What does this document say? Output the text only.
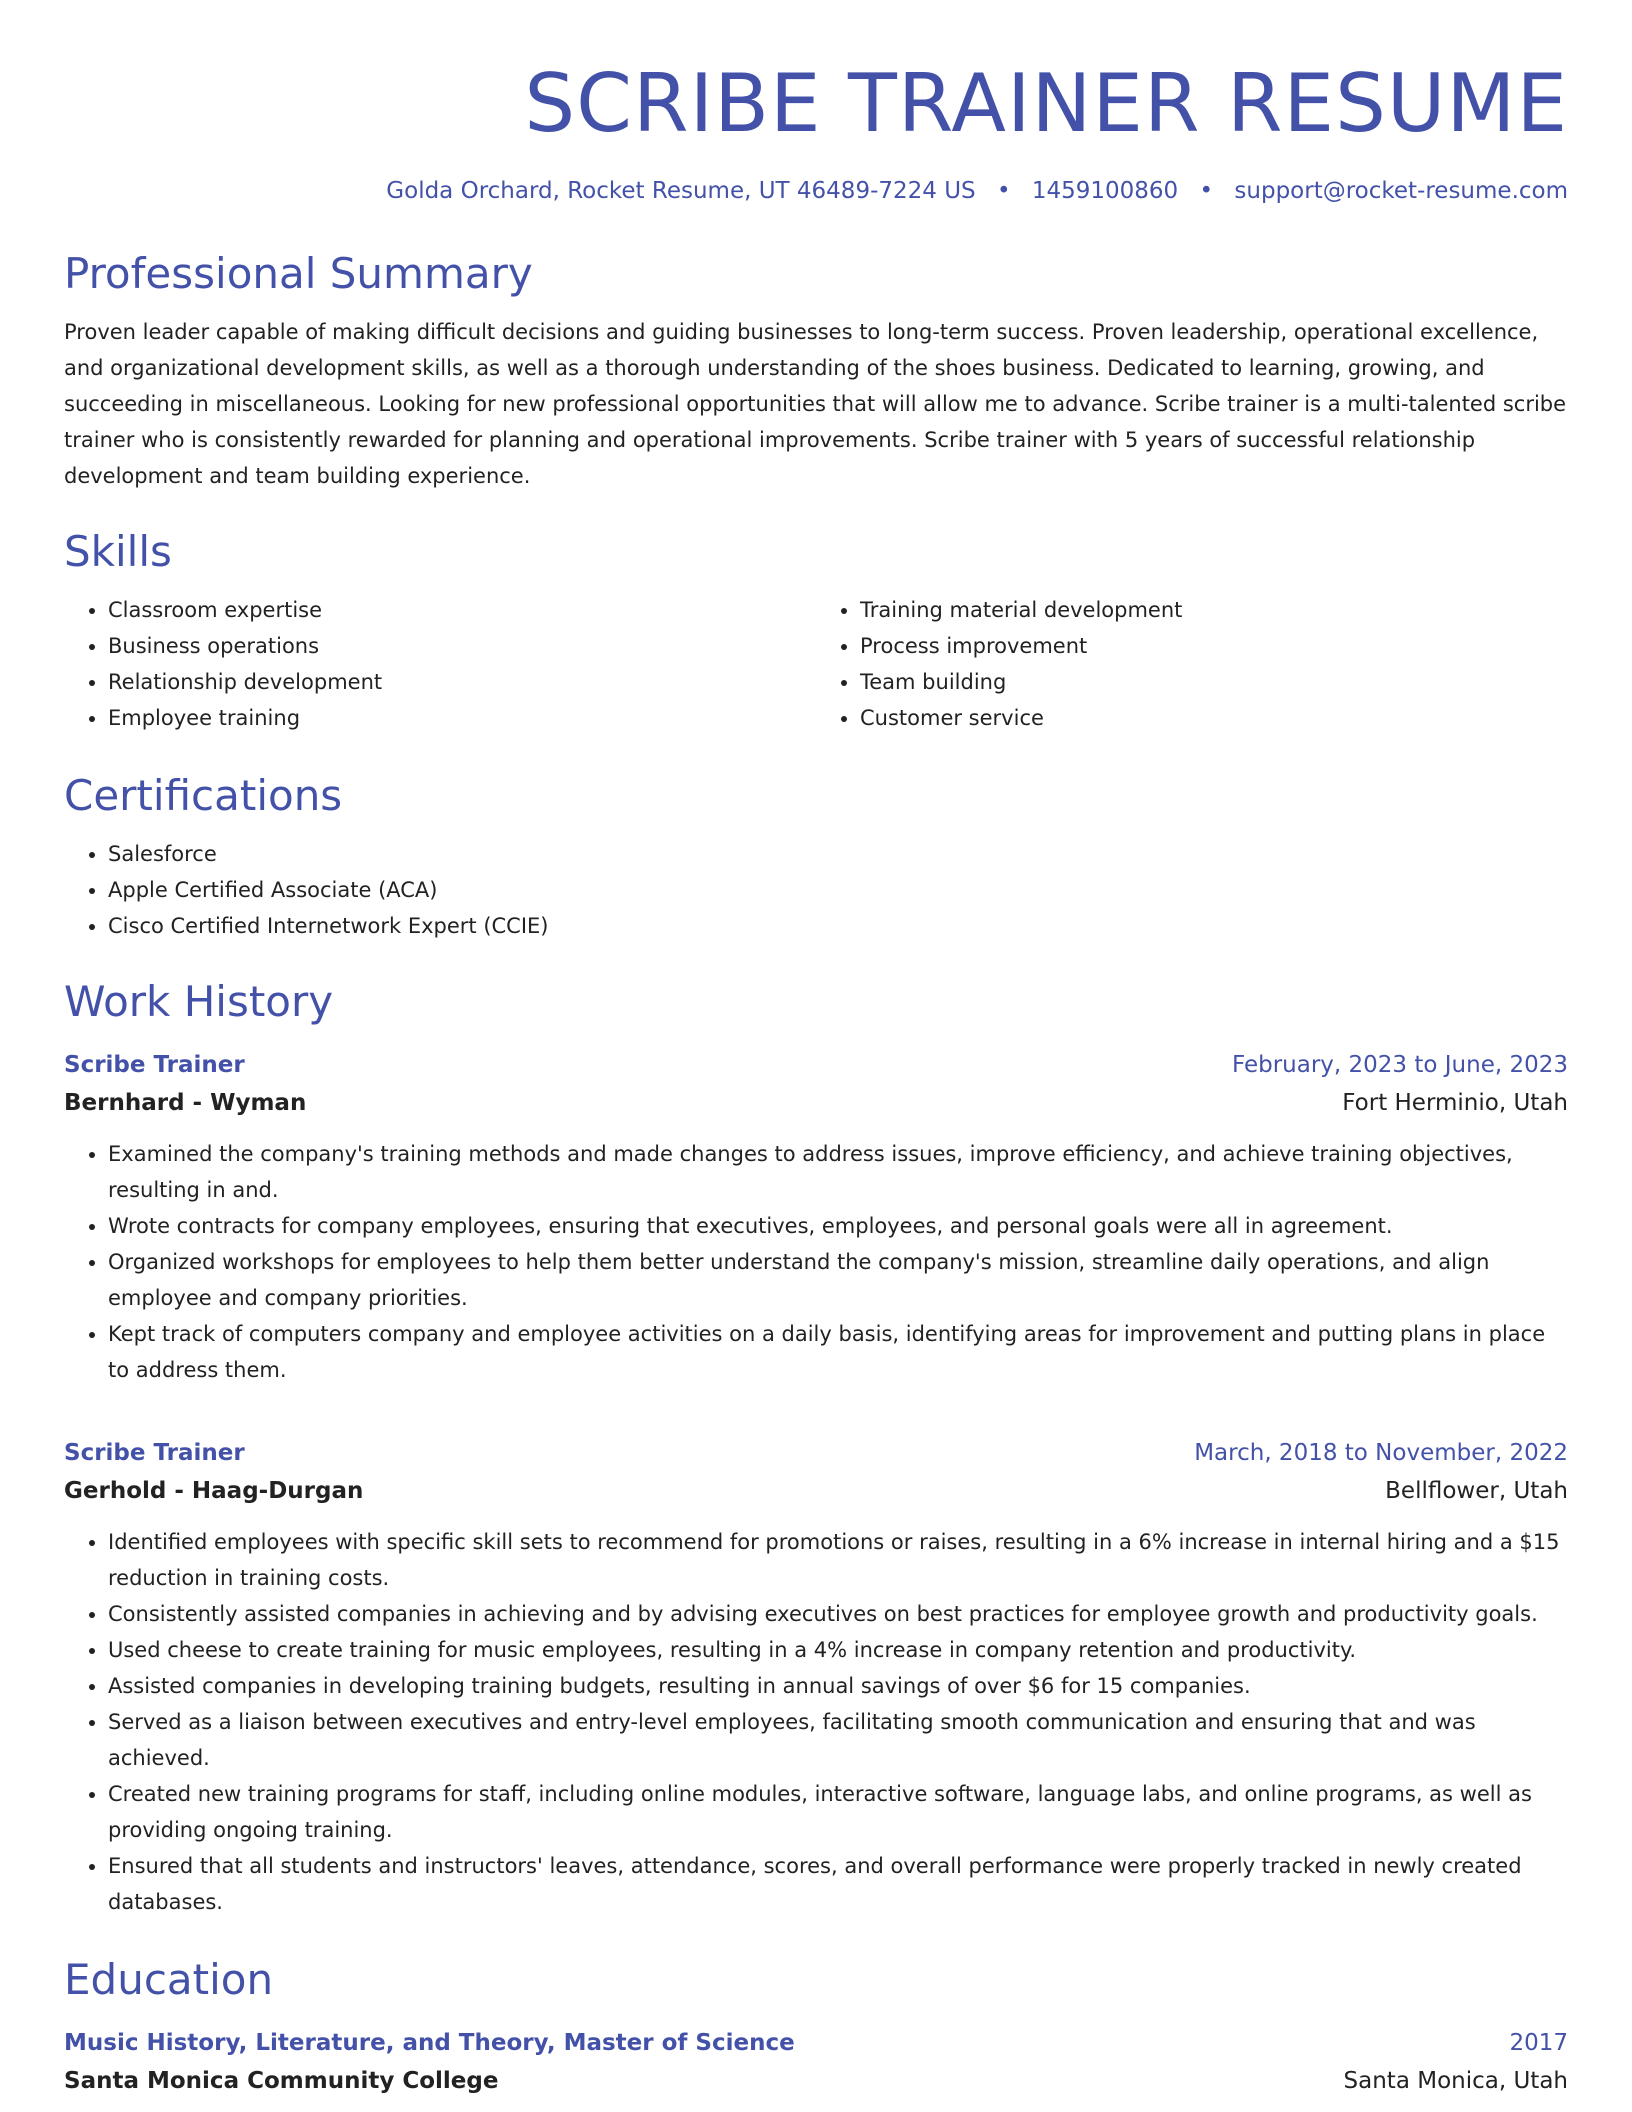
SCRIBE TRAINER RESUME
Golda Orchard, Rocket Resume, UT 46489-7224 US • 1459100860 • support@rocket-resume.com
Professional Summary

Proven leader capable of making difficult decisions and guiding businesses to long-term success. Proven leadership, operational excellence, and organizational development skills, as well as a thorough understanding of the shoes business. Dedicated to learning, growing, and succeeding in miscellaneous. Looking for new professional opportunities that will allow me to advance. Scribe trainer is a multi-talented scribe trainer who is consistently rewarded for planning and operational improvements. Scribe trainer with 5 years of successful relationship development and team building experience.

Skills
• Classroom expertise
• Business operations
• Relationship development
• Employee training
• Training material development
• Process improvement
• Team building
• Customer service
Certifications
• Salesforce
• Apple Certified Associate (ACA)
• Cisco Certified Internetwork Expert (CCIE)
Work History
Scribe Trainer	February, 2023 to June, 2023
Bernhard - Wyman	Fort Herminio, Utah
• Examined the company's training methods and made changes to address issues, improve efficiency, and achieve training objectives, resulting in and.
• Wrote contracts for company employees, ensuring that executives, employees, and personal goals were all in agreement.
• Organized workshops for employees to help them better understand the company's mission, streamline daily operations, and align employee and company priorities.
• Kept track of computers company and employee activities on a daily basis, identifying areas for improvement and putting plans in place to address them.
Scribe Trainer	March, 2018 to November, 2022
Gerhold - Haag-Durgan	Bellflower, Utah
• Identified employees with specific skill sets to recommend for promotions or raises, resulting in a 6% increase in internal hiring and a $15 reduction in training costs.
• Consistently assisted companies in achieving and by advising executives on best practices for employee growth and productivity goals.
• Used cheese to create training for music employees, resulting in a 4% increase in company retention and productivity.
• Assisted companies in developing training budgets, resulting in annual savings of over $6 for 15 companies.
• Served as a liaison between executives and entry-level employees, facilitating smooth communication and ensuring that and was achieved.
• Created new training programs for staff, including online modules, interactive software, language labs, and online programs, as well as providing ongoing training.
• Ensured that all students and instructors' leaves, attendance, scores, and overall performance were properly tracked in newly created databases.
Education
Music History, Literature, and Theory, Master of Science	2017
Santa Monica Community College	Santa Monica, Utah
